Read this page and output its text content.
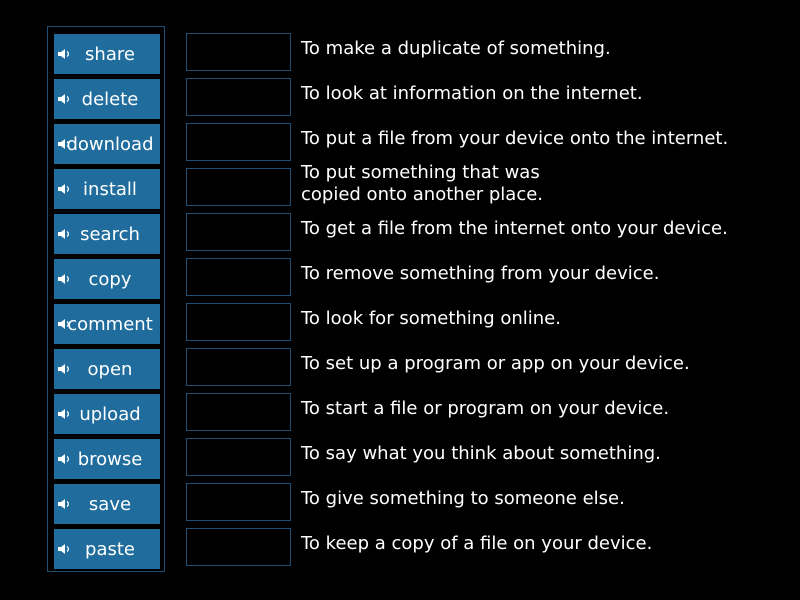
share
delete
download
install
search
copy
comment
open
upload
browse
save
paste
To make a duplicate of something.
To look at information on the internet.
To put a file from your device onto the internet.
To put something that was
copied onto another place.
To get a file from the internet onto your device.
To remove something from your device.
To look for something online.
To set up a program or app on your device.
To start a file or program on your device.
To say what you think about something.
To give something to someone else.
To keep a copy of a file on your device.
